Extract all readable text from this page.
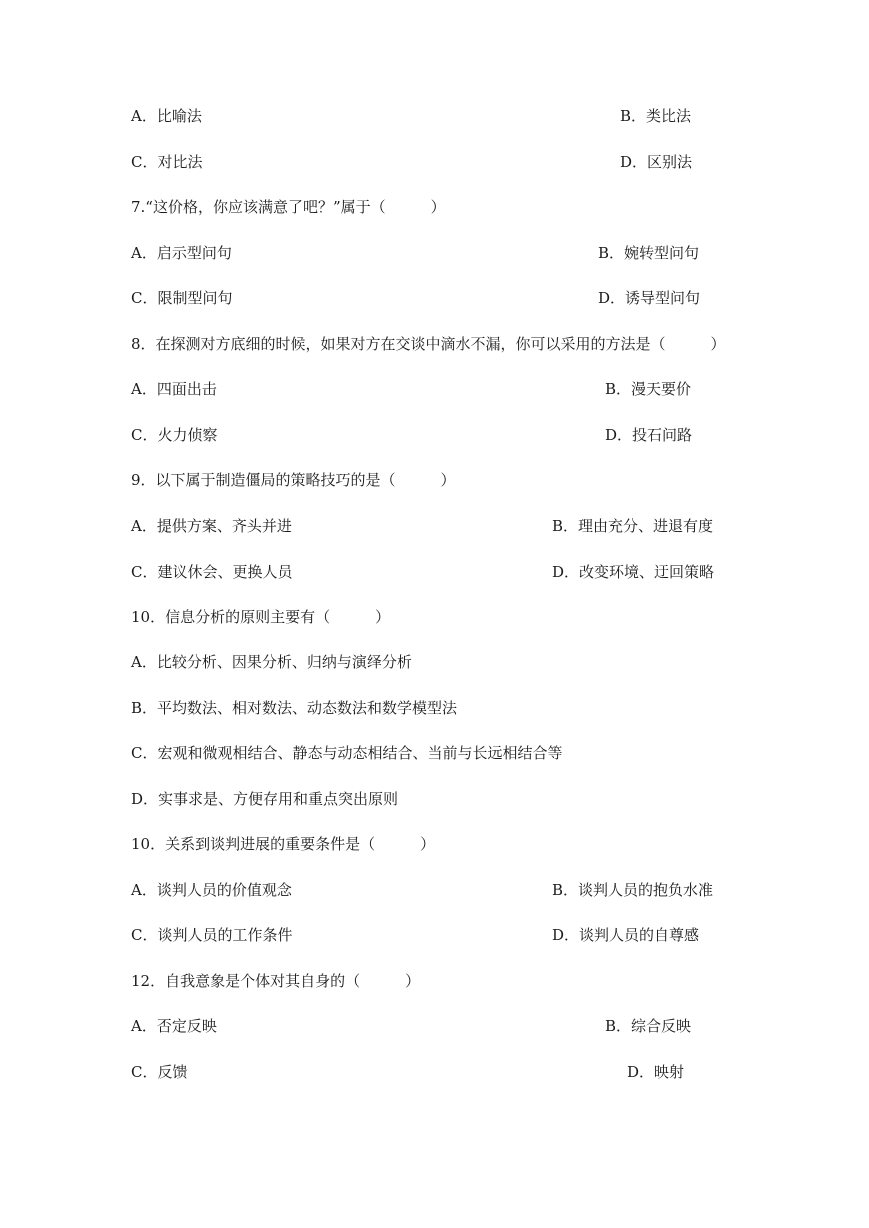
A．比喻法	B．类比法
C．对比法	D．区别法
7.“这价格，你应该满意了吧？”属于（　　　）
A．启示型问句	B．婉转型问句
C．限制型问句	D．诱导型问句
8．在探测对方底细的时候，如果对方在交谈中滴水不漏，你可以采用的方法是（　　　）
A．四面出击	B．漫天要价
C．火力侦察	D．投石问路
9．以下属于制造僵局的策略技巧的是（　　　）
A．提供方案、齐头并进	B．理由充分、进退有度
C．建议休会、更换人员	D．改变环境、迂回策略
10．信息分析的原则主要有（　　　）
A．比较分析、因果分析、归纳与演绎分析
B．平均数法、相对数法、动态数法和数学模型法
C．宏观和微观相结合、静态与动态相结合、当前与长远相结合等
D．实事求是、方便存用和重点突出原则
10．关系到谈判进展的重要条件是（　　　）
A．谈判人员的价值观念	B．谈判人员的抱负水准
C．谈判人员的工作条件	D．谈判人员的自尊感
12．自我意象是个体对其自身的（　　　）
A．否定反映	B．综合反映
C．反馈	D．映射
